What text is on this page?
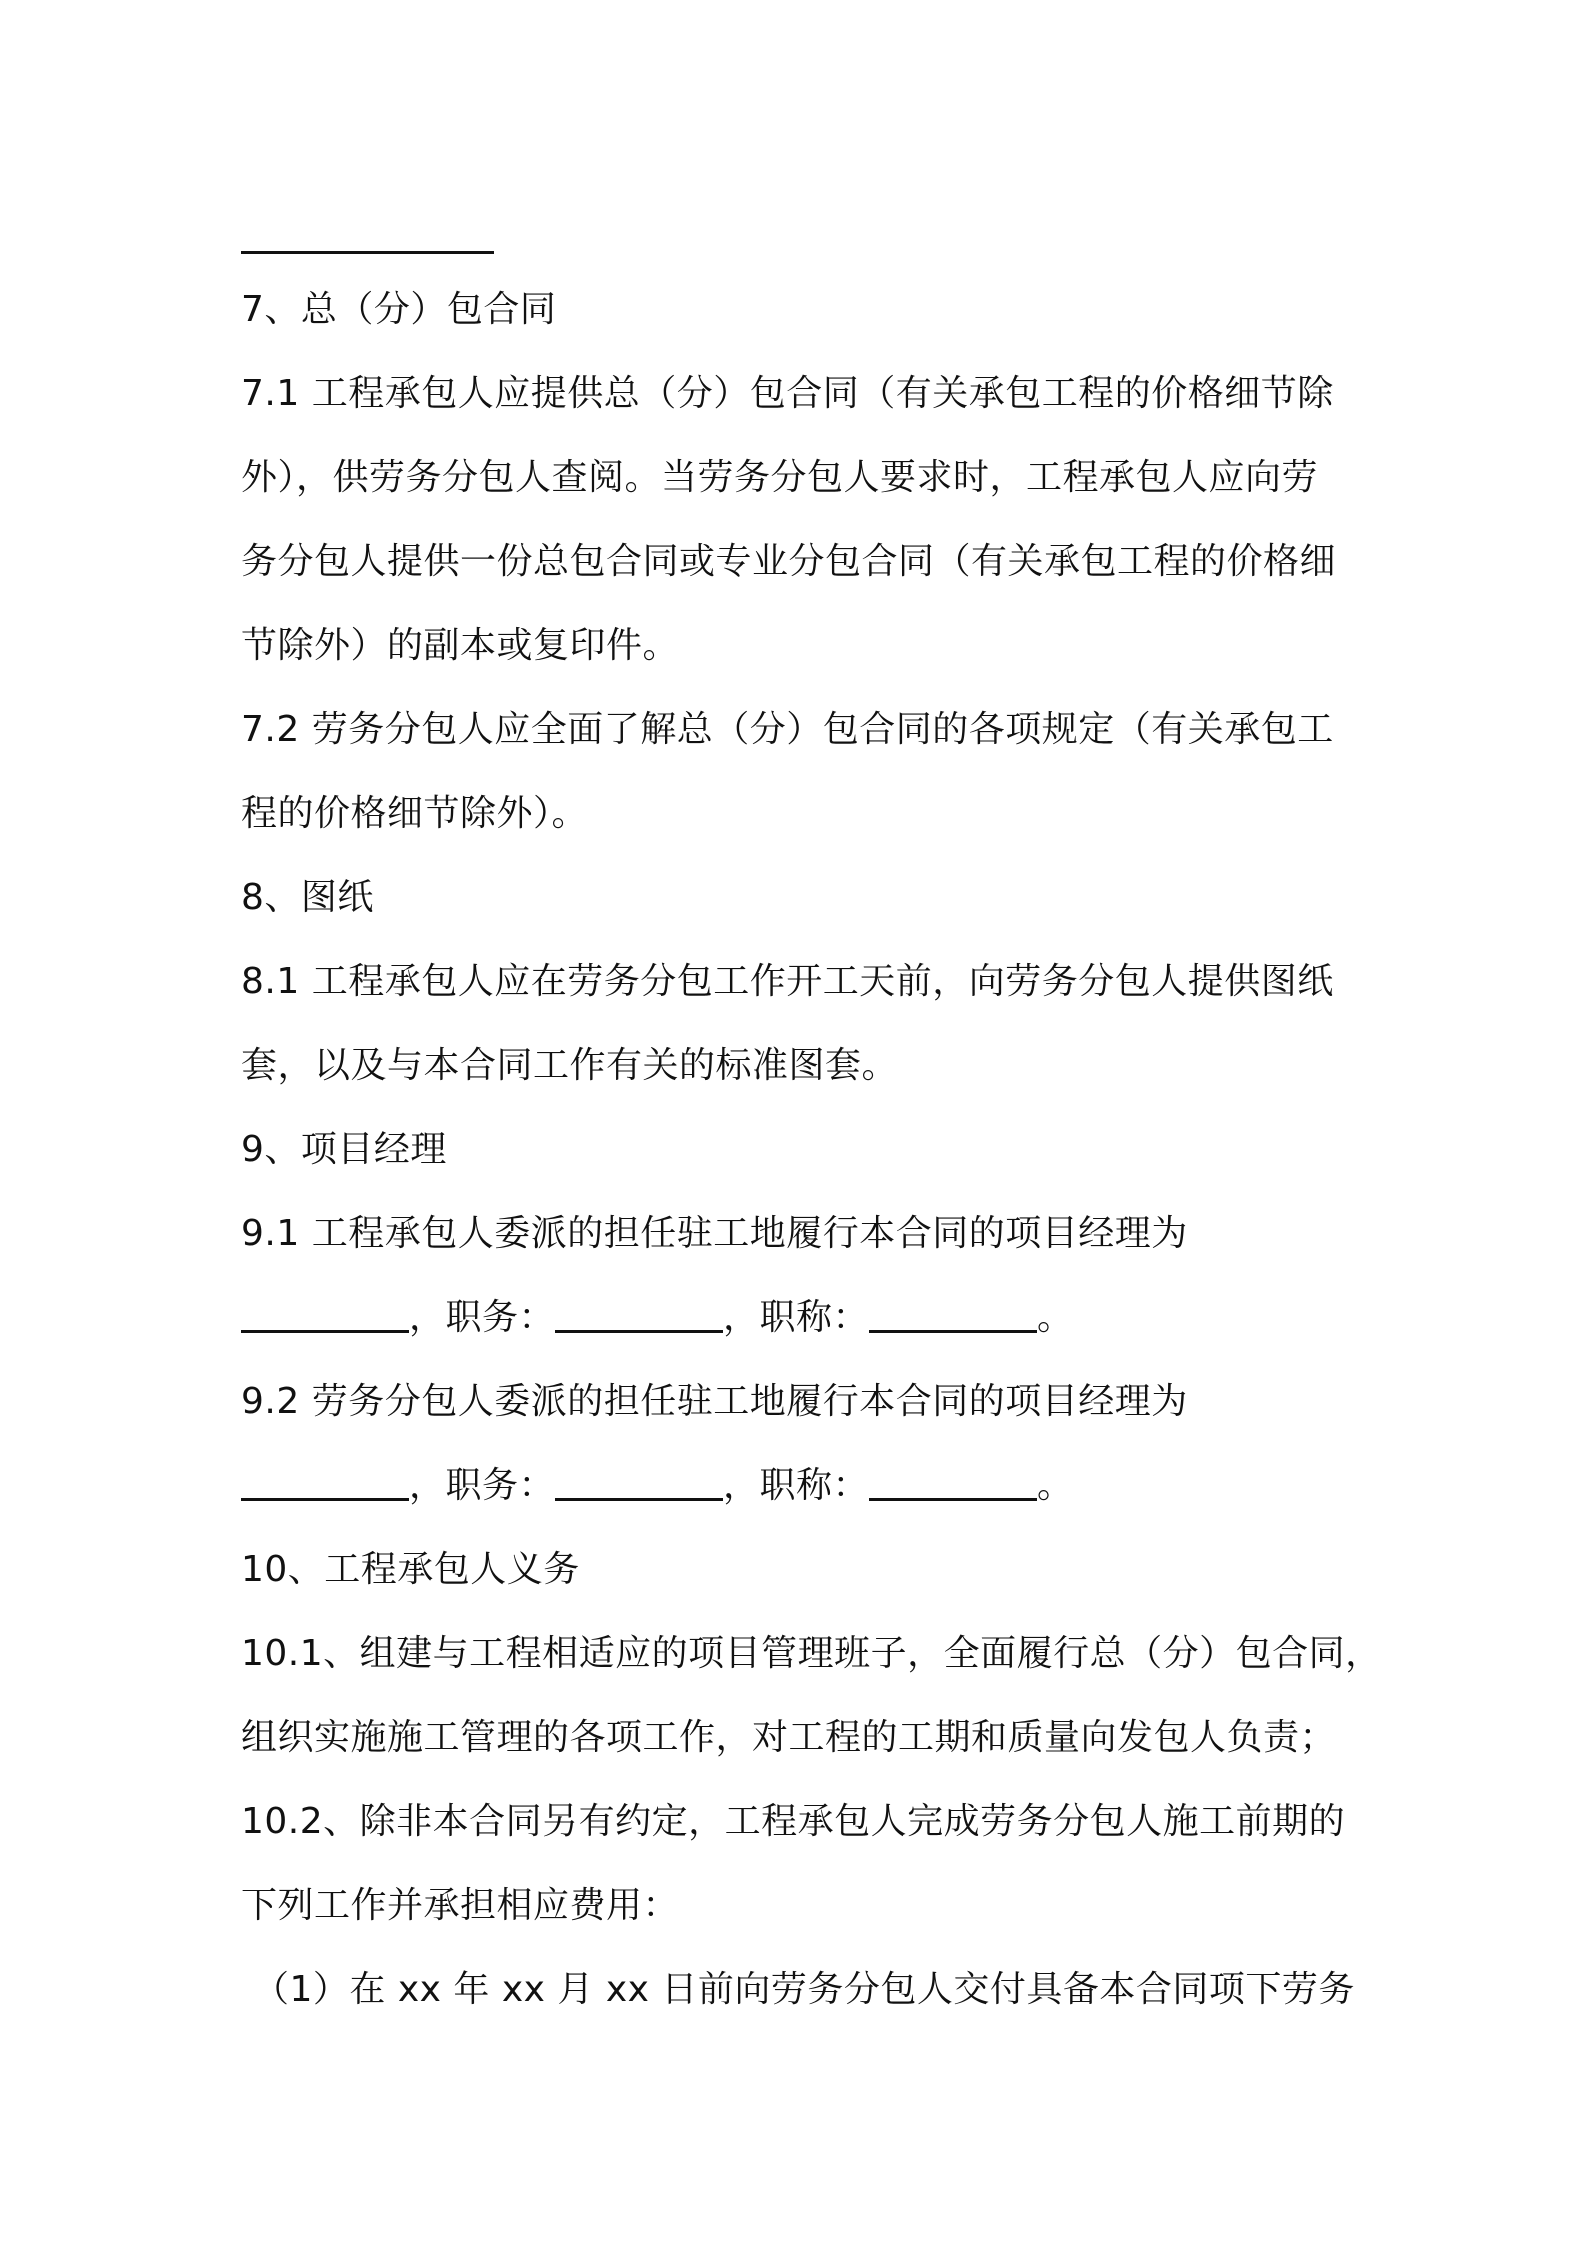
7、总（分）包合同
7.1 工程承包人应提供总（分）包合同（有关承包工程的价格细节除
外），供劳务分包人查阅。当劳务分包人要求时，工程承包人应向劳
务分包人提供一份总包合同或专业分包合同（有关承包工程的价格细
节除外）的副本或复印件。
7.2 劳务分包人应全面了解总（分）包合同的各项规定（有关承包工
程的价格细节除外）。
8、图纸
8.1 工程承包人应在劳务分包工作开工天前，向劳务分包人提供图纸
套，以及与本合同工作有关的标准图套。
9、项目经理
9.1 工程承包人委派的担任驻工地履行本合同的项目经理为
，职务：	，职称：	。
9.2 劳务分包人委派的担任驻工地履行本合同的项目经理为
，职务：	，职称：	。
10、工程承包人义务
10.1、组建与工程相适应的项目管理班子，全面履行总（分）包合同，
组织实施施工管理的各项工作，对工程的工期和质量向发包人负责；
10.2、除非本合同另有约定，工程承包人完成劳务分包人施工前期的
下列工作并承担相应费用：
（1）在 xx 年 xx 月 xx 日前向劳务分包人交付具备本合同项下劳务
